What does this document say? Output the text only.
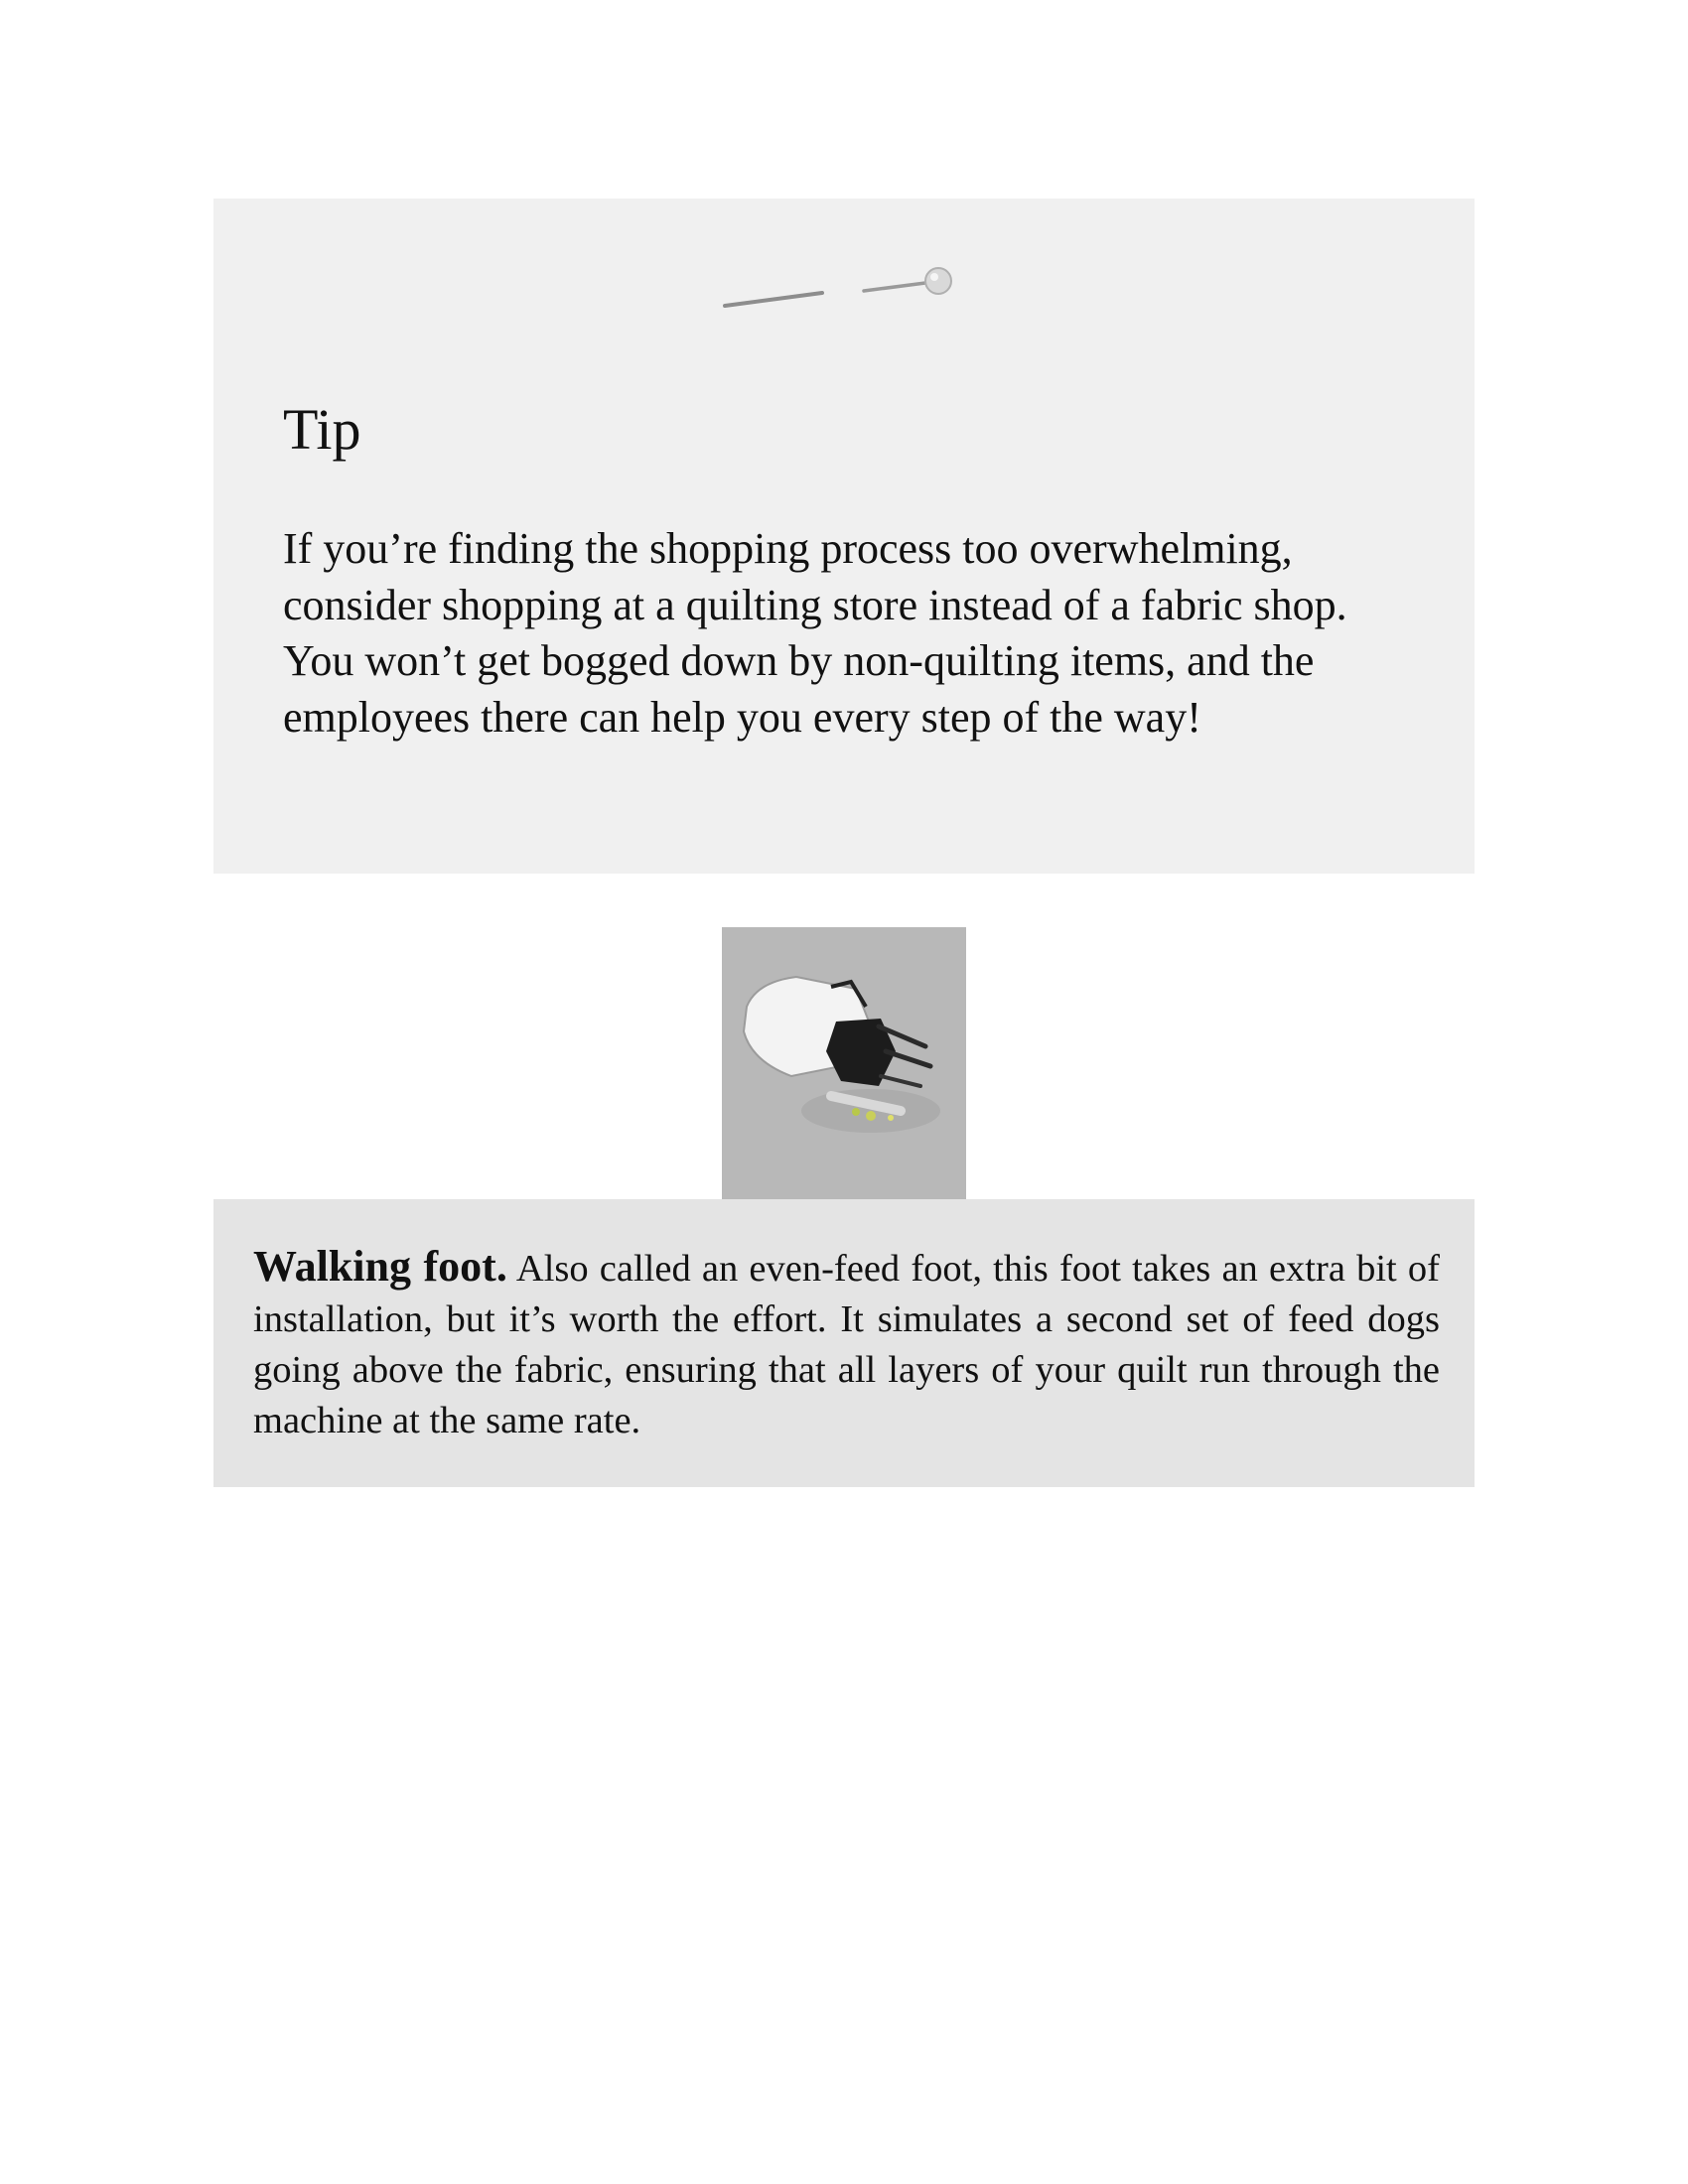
Tip

If you’re finding the shopping process too overwhelming, consider shopping at a quilting store instead of a fabric shop. You won’t get bogged down by non-quilting items, and the employees there can help you every step of the way!

Walking foot. Also called an even-feed foot, this foot takes an extra bit of installation, but it’s worth the effort. It simulates a second set of feed dogs going above the fabric, ensuring that all layers of your quilt run through the machine at the same rate.
